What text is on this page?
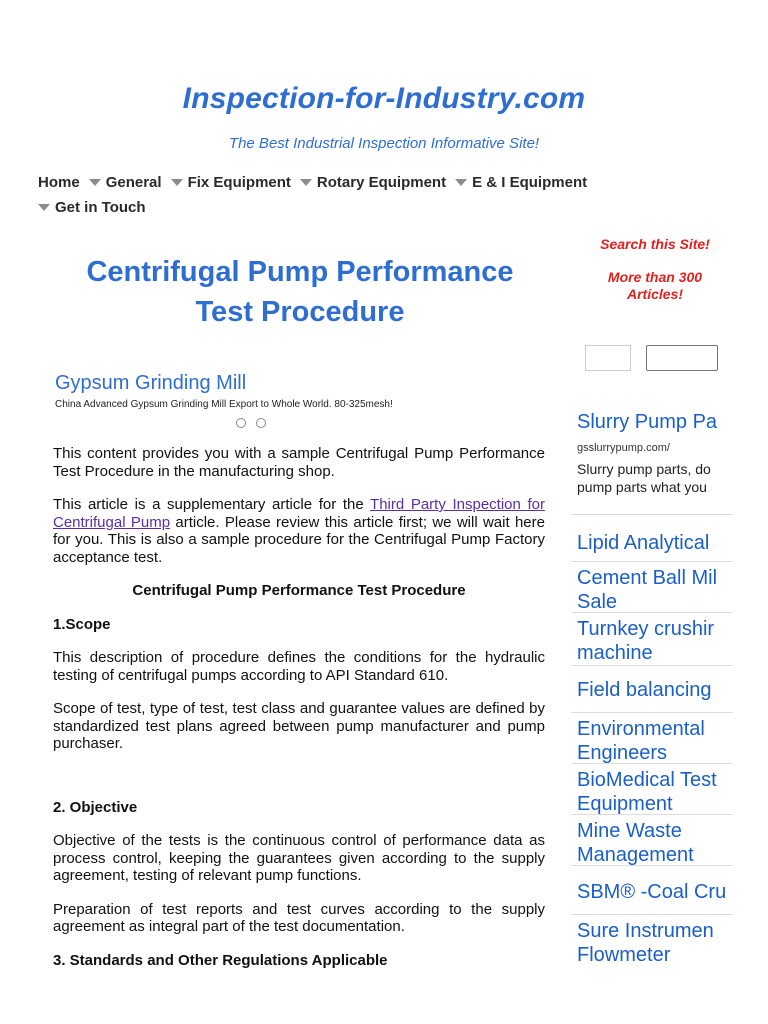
Inspection-for-Industry.com
The Best Industrial Inspection Informative Site!
Home General Fix Equipment Rotary Equipment E & I Equipment
Get in Touch
Centrifugal Pump Performance
Test Procedure
Gypsum Grinding Mill
China Advanced Gypsum Grinding Mill Export to Whole World. 80-325mesh!

This content provides you with a sample Centrifugal Pump Performance Test Procedure in the manufacturing shop.

This article is a supplementary article for the Third Party Inspection for Centrifugal Pump article. Please review this article first; we will wait here for you. This is also a sample procedure for the Centrifugal Pump Factory acceptance test.

Centrifugal Pump Performance Test Procedure

1.Scope

This description of procedure defines the conditions for the hydraulic testing of centrifugal pumps according to API Standard 610.

Scope of test, type of test, test class and guarantee values are defined by standardized test plans agreed between pump manufacturer and pump purchaser.

2. Objective

Objective of the tests is the continuous control of performance data as process control, keeping the guarantees given according to the supply agreement, testing of relevant pump functions.

Preparation of test reports and test curves according to the supply agreement as integral part of the test documentation.

3. Standards and Other Regulations Applicable

Search this Site!

More than 300 Articles!

Slurry Pump Pa
gsslurrypump.com/
Slurry pump parts, do pump parts what you
Lipid Analytical
Cement Ball Mil Sale
Turnkey crushir machine
Field balancing
Environmental Engineers
BioMedical Test Equipment
Mine Waste Management
SBM® -Coal Cru
Sure Instrumen Flowmeter
